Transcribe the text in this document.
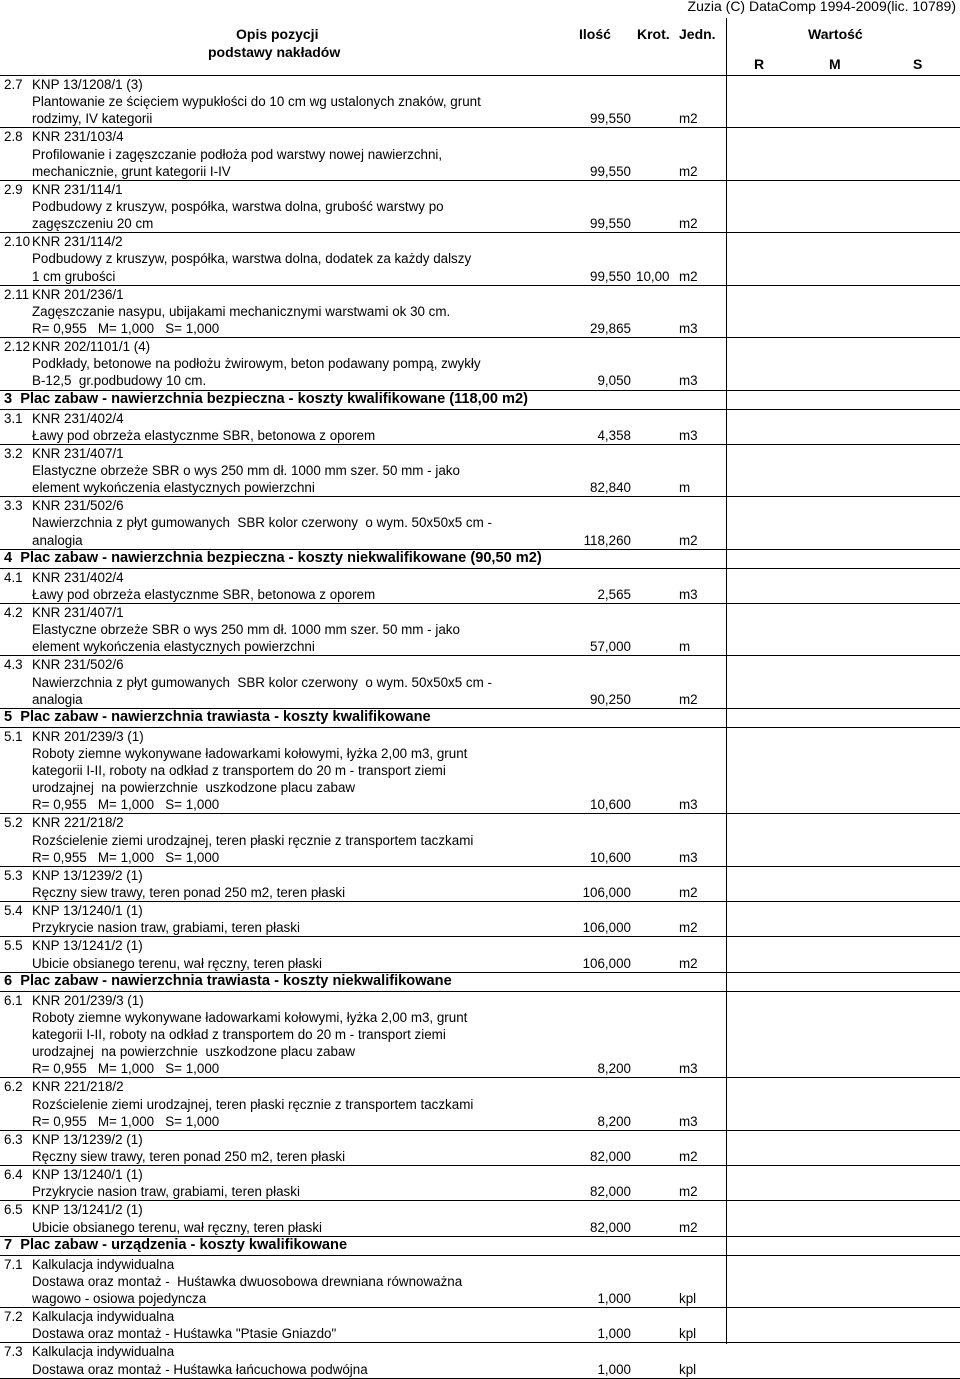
Zuzia (C) DataComp 1994-2009(lic. 10789)
Opis pozycji
podstawy nakładów
Ilość Krot. Jedn.	Wartość
R	M	S
2.7 KNP 13/1208/1 (3)
Plantowanie ze ścięciem wypukłości do 10 cm wg ustalonych znaków, grunt
rodzimy, IV kategorii	99,550	m2
2.8 KNR 231/103/4
Profilowanie i zagęszczanie podłoża pod warstwy nowej nawierzchni,
mechanicznie, grunt kategorii I-IV	99,550	m2
2.9 KNR 231/114/1
Podbudowy z kruszyw, pospółka, warstwa dolna, grubość warstwy po
zagęszczeniu 20 cm	99,550	m2
2.10 KNR 231/114/2
Podbudowy z kruszyw, pospółka, warstwa dolna, dodatek za każdy dalszy
1 cm grubości	99,550 10,00 m2
2.11 KNR 201/236/1
Zagęszczanie nasypu, ubijakami mechanicznymi warstwami ok 30 cm.
R= 0,955   M= 1,000   S= 1,000	29,865	m3
2.12 KNR 202/1101/1 (4)
Podkłady, betonowe na podłożu żwirowym, beton podawany pompą, zwykły
B-12,5  gr.podbudowy 10 cm.	9,050	m3
3  Plac zabaw - nawierzchnia bezpieczna - koszty kwalifikowane (118,00 m2)
3.1 KNR 231/402/4
Ławy pod obrzeża elastycznme SBR, betonowa z oporem	4,358	m3
3.2 KNR 231/407/1
Elastyczne obrzeże SBR o wys 250 mm dł. 1000 mm szer. 50 mm - jako
element wykończenia elastycznych powierzchni	82,840	m
3.3 KNR 231/502/6
Nawierzchnia z płyt gumowanych  SBR kolor czerwony  o wym. 50x50x5 cm -
analogia	118,260	m2
4  Plac zabaw - nawierzchnia bezpieczna - koszty niekwalifikowane (90,50 m2)
4.1 KNR 231/402/4
Ławy pod obrzeża elastycznme SBR, betonowa z oporem	2,565	m3
4.2 KNR 231/407/1
Elastyczne obrzeże SBR o wys 250 mm dł. 1000 mm szer. 50 mm - jako
element wykończenia elastycznych powierzchni	57,000	m
4.3 KNR 231/502/6
Nawierzchnia z płyt gumowanych  SBR kolor czerwony  o wym. 50x50x5 cm -
analogia	90,250	m2
5  Plac zabaw - nawierzchnia trawiasta - koszty kwalifikowane
5.1 KNR 201/239/3 (1)
Roboty ziemne wykonywane ładowarkami kołowymi, łyżka 2,00 m3, grunt
kategorii I-II, roboty na odkład z transportem do 20 m - transport ziemi
urodzajnej  na powierzchnie  uszkodzone placu zabaw
R= 0,955   M= 1,000   S= 1,000	10,600	m3
5.2 KNR 221/218/2
Rozścielenie ziemi urodzajnej, teren płaski ręcznie z transportem taczkami
R= 0,955   M= 1,000   S= 1,000	10,600	m3
5.3 KNP 13/1239/2 (1)
Ręczny siew trawy, teren ponad 250 m2, teren płaski	106,000	m2
5.4 KNP 13/1240/1 (1)
Przykrycie nasion traw, grabiami, teren płaski	106,000	m2
5.5 KNP 13/1241/2 (1)
Ubicie obsianego terenu, wał ręczny, teren płaski	106,000	m2
6  Plac zabaw - nawierzchnia trawiasta - koszty niekwalifikowane
6.1 KNR 201/239/3 (1)
Roboty ziemne wykonywane ładowarkami kołowymi, łyżka 2,00 m3, grunt
kategorii I-II, roboty na odkład z transportem do 20 m - transport ziemi
urodzajnej  na powierzchnie  uszkodzone placu zabaw
R= 0,955   M= 1,000   S= 1,000	8,200	m3
6.2 KNR 221/218/2
Rozścielenie ziemi urodzajnej, teren płaski ręcznie z transportem taczkami
R= 0,955   M= 1,000   S= 1,000	8,200	m3
6.3 KNP 13/1239/2 (1)
Ręczny siew trawy, teren ponad 250 m2, teren płaski	82,000	m2
6.4 KNP 13/1240/1 (1)
Przykrycie nasion traw, grabiami, teren płaski	82,000	m2
6.5 KNP 13/1241/2 (1)
Ubicie obsianego terenu, wał ręczny, teren płaski	82,000	m2
7  Plac zabaw - urządzenia - koszty kwalifikowane
7.1 Kalkulacja indywidualna
Dostawa oraz montaż -  Huśtawka dwuosobowa drewniana równoważna
wagowo - osiowa pojedyncza	1,000	kpl
7.2 Kalkulacja indywidualna
Dostawa oraz montaż - Huśtawka "Ptasie Gniazdo"	1,000	kpl
7.3 Kalkulacja indywidualna
Dostawa oraz montaż - Huśtawka łańcuchowa podwójna	1,000	kpl
